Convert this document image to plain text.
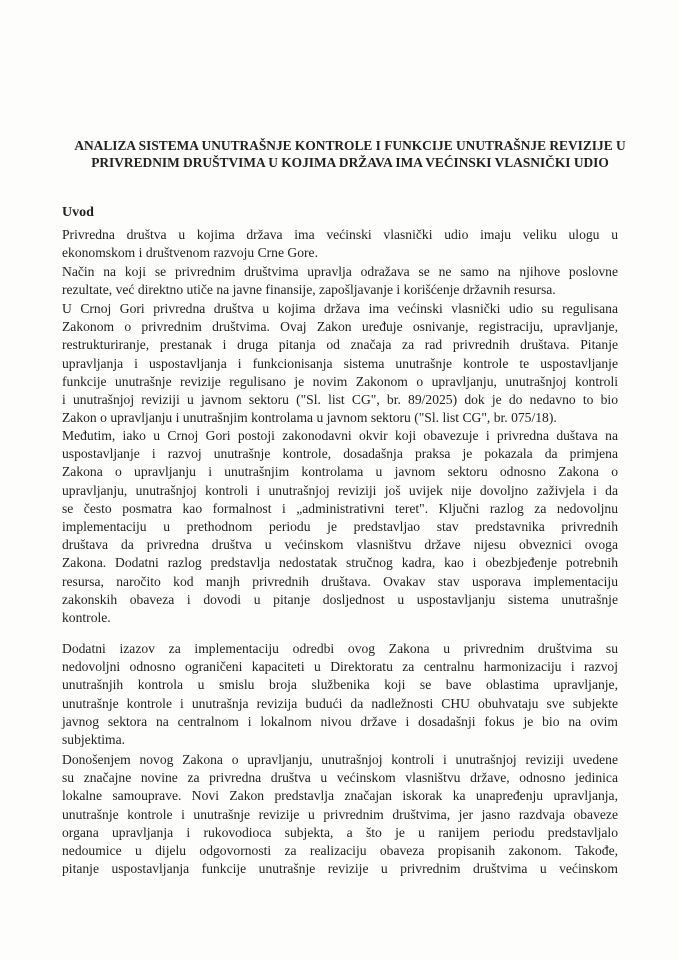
ANALIZA SISTEMA UNUTRAŠNJE KONTROLE I FUNKCIJE UNUTRAŠNJE REVIZIJE U
PRIVREDNIM DRUŠTVIMA U KOJIMA DRŽAVA IMA VEĆINSKI VLASNIČKI UDIO
Uvod
Privredna društva u kojima država ima većinski vlasnički udio imaju veliku ulogu u
ekonomskom i društvenom razvoju Crne Gore.
Način na koji se privrednim društvima upravlja odražava se ne samo na njihove poslovne
rezultate, već direktno utiče na javne finansije, zapošljavanje i korišćenje državnih resursa.
U Crnoj Gori privredna društva u kojima država ima većinski vlasnički udio su regulisana
Zakonom o privrednim društvima. Ovaj Zakon uređuje osnivanje, registraciju, upravljanje,
restrukturiranje, prestanak i druga pitanja od značaja za rad privrednih društava. Pitanje
upravljanja i uspostavljanja i funkcionisanja sistema unutrašnje kontrole te uspostavljanje
funkcije unutrašnje revizije regulisano je novim Zakonom o upravljanju, unutrašnjoj kontroli
i unutrašnjoj reviziji u javnom sektoru ("Sl. list CG", br. 89/2025) dok je do nedavno to bio
Zakon o upravljanju i unutrašnjim kontrolama u javnom sektoru ("Sl. list CG", br. 075/18).
Međutim, iako u Crnoj Gori postoji zakonodavni okvir koji obavezuje i privredna duštava na
uspostavljanje i razvoj unutrašnje kontrole, dosadašnja praksa je pokazala da primjena
Zakona o upravljanju i unutrašnjim kontrolama u javnom sektoru odnosno Zakona o
upravljanju, unutrašnjoj kontroli i unutrašnjoj reviziji još uvijek nije dovoljno zaživjela i da
se često posmatra kao formalnost i „administrativni teret". Ključni razlog za nedovoljnu
implementaciju u prethodnom periodu je predstavljao stav predstavnika privrednih
društava da privredna društva u većinskom vlasništvu države nijesu obveznici ovoga
Zakona. Dodatni razlog predstavlja nedostatak stručnog kadra, kao i obezbjeđenje potrebnih
resursa, naročito kod manjh privrednih društava. Ovakav stav usporava implementaciju
zakonskih obaveza i dovodi u pitanje dosljednost u uspostavljanju sistema unutrašnje
kontrole.
Dodatni izazov za implementaciju odredbi ovog Zakona u privrednim društvima su
nedovoljni odnosno ograničeni kapaciteti u Direktoratu za centralnu harmonizaciju i razvoj
unutrašnjih kontrola u smislu broja službenika koji se bave oblastima upravljanje,
unutrašnje kontrole i unutrašnja revizija budući da nadležnosti CHU obuhvataju sve subjekte
javnog sektora na centralnom i lokalnom nivou države i dosadašnji fokus je bio na ovim
subjektima.
Donošenjem novog Zakona o upravljanju, unutrašnjoj kontroli i unutrašnjoj reviziji uvedene
su značajne novine za privredna društva u većinskom vlasništvu države, odnosno jedinica
lokalne samouprave. Novi Zakon predstavlja značajan iskorak ka unapređenju upravljanja,
unutrašnje kontrole i unutrašnje revizije u privrednim društvima, jer jasno razdvaja obaveze
organa upravljanja i rukovodioca subjekta, a što je u ranijem periodu predstavljalo
nedoumice u dijelu odgovornosti za realizaciju obaveza propisanih zakonom. Takođe,
pitanje uspostavljanja funkcije unutrašnje revizije u privrednim društvima u većinskom
